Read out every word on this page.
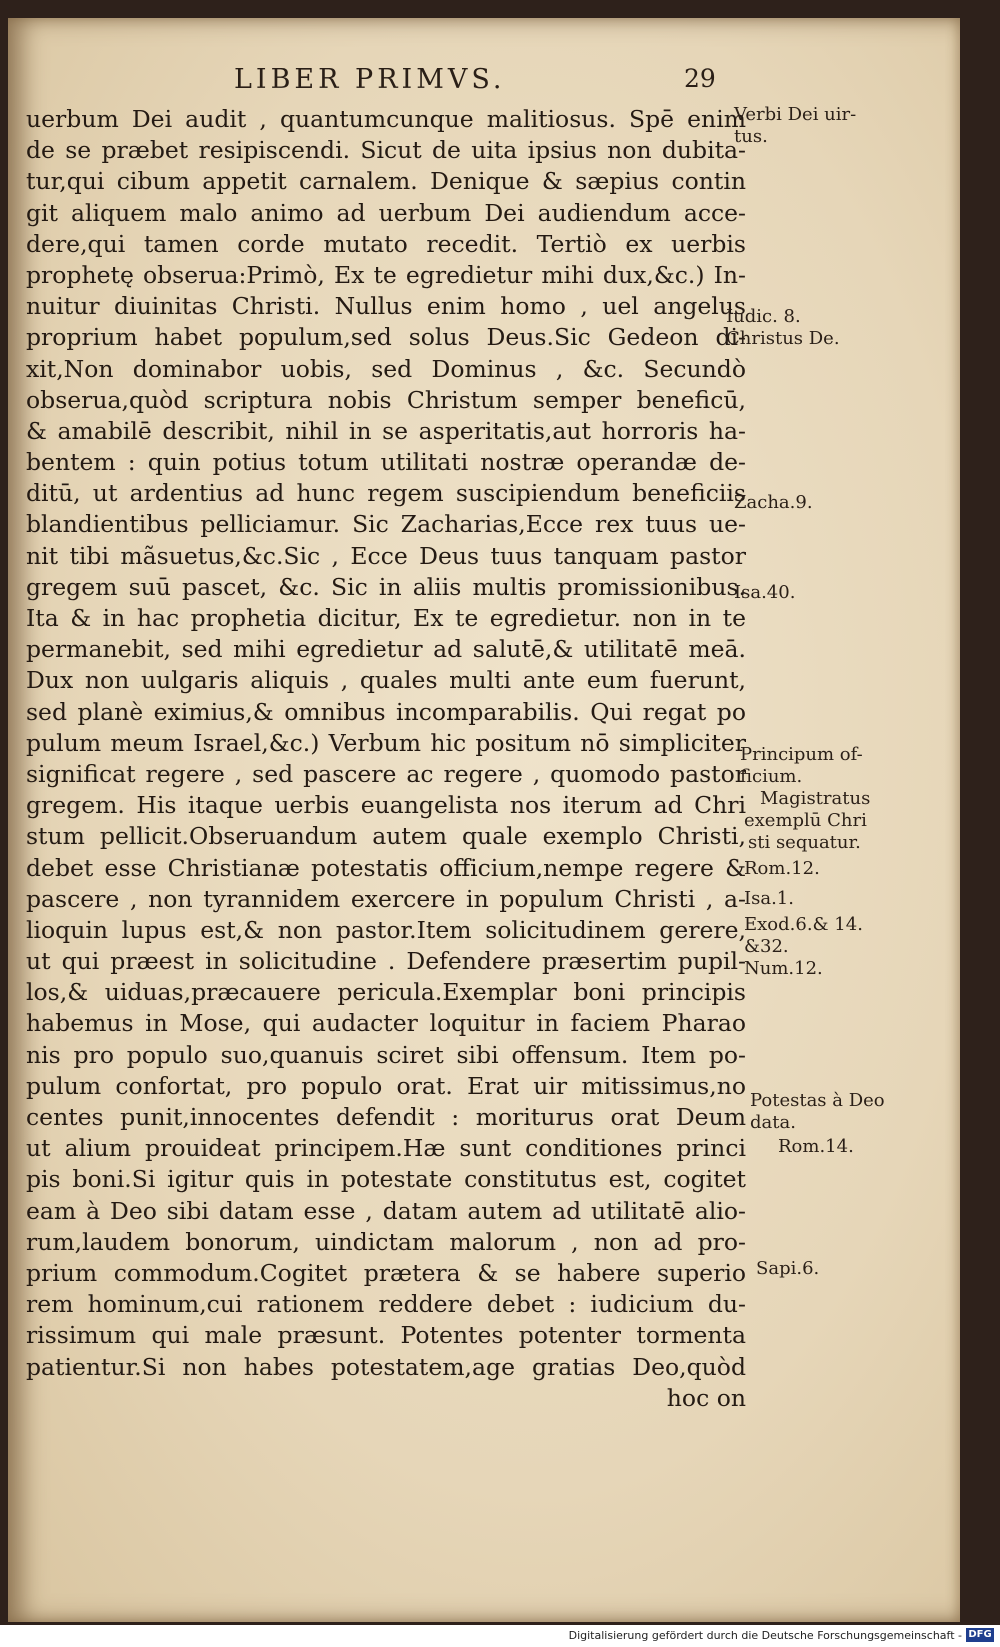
LIBER PRIMVS.	29
uerbum Dei audit , quantumcunque malitiosus. Spē enim
de se præbet resipiscendi. Sicut de uita ipsius non dubita-
tur,qui cibum appetit carnalem. Denique & sæpius contin
git aliquem malo animo ad uerbum Dei audiendum acce-
dere,qui tamen corde mutato recedit. Tertiò ex uerbis
prophetę obserua:Primò, Ex te egredietur mihi dux,&c.) In-
nuitur diuinitas Christi. Nullus enim homo , uel angelus
proprium habet populum,sed solus Deus.Sic Gedeon di-
xit,Non dominabor uobis, sed Dominus , &c. Secundò
obserua,quòd scriptura nobis Christum semper beneficū,
& amabilē describit, nihil in se asperitatis,aut horroris ha-
bentem : quin potius totum utilitati nostræ operandæ de-
ditū, ut ardentius ad hunc regem suscipiendum beneficiis
blandientibus pelliciamur. Sic Zacharias,Ecce rex tuus ue-
nit tibi mãsuetus,&c.Sic , Ecce Deus tuus tanquam pastor
gregem suū pascet, &c. Sic in aliis multis promissionibus.
Ita & in hac prophetia dicitur, Ex te egredietur. non in te
permanebit, sed mihi egredietur ad salutē,& utilitatē meā.
Dux non uulgaris aliquis , quales multi ante eum fuerunt,
sed planè eximius,& omnibus incomparabilis. Qui regat po
pulum meum Israel,&c.) Verbum hic positum nō simpliciter
significat regere , sed pascere ac regere , quomodo pastor
gregem. His itaque uerbis euangelista nos iterum ad Chri
stum pellicit.Obseruandum autem quale exemplo Christi,
debet esse Christianæ potestatis officium,nempe regere &
pascere , non tyrannidem exercere in populum Christi , a-
lioquin lupus est,& non pastor.Item solicitudinem gerere,
ut qui præest in solicitudine . Defendere præsertim pupil-
los,& uiduas,præcauere pericula.Exemplar boni principis
habemus in Mose, qui audacter loquitur in faciem Pharao
nis pro populo suo,quanuis sciret sibi offensum. Item po-
pulum confortat, pro populo orat. Erat uir mitissimus,no
centes punit,innocentes defendit : moriturus orat Deum
ut alium prouideat principem.Hæ sunt conditiones princi
pis boni.Si igitur quis in potestate constitutus est, cogitet
eam à Deo sibi datam esse , datam autem ad utilitatē alio-
rum,laudem bonorum, uindictam malorum , non ad pro-
prium commodum.Cogitet prætera & se habere superio
rem hominum,cui rationem reddere debet : iudicium du-
rissimum qui male præsunt. Potentes potenter tormenta
patientur.Si non habes potestatem,age gratias Deo,quòd
hoc on
Verbi Dei uir-
tus.
Iudic. 8.
Christus De.
Zacha.9.
Isa.40.
Principum of-
ficium.
Magistratus
exemplū Chri
sti sequatur.
Rom.12.
Isa.1.
Exod.6.& 14.
&32.
Num.12.
Potestas à Deo
data.
Rom.14.
Sapi.6.
Digitalisierung gefördert durch die Deutsche Forschungsgemeinschaft - DFG
